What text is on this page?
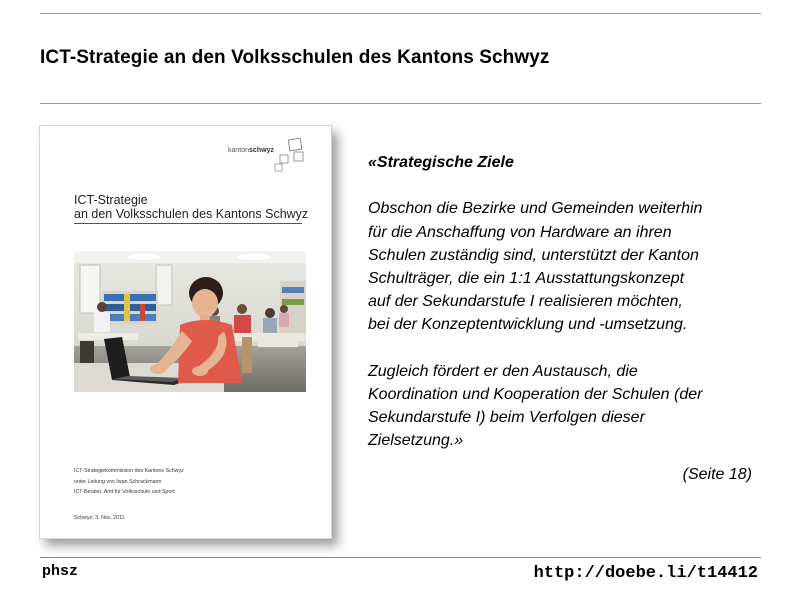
ICT-Strategie an den Volksschulen des Kantons Schwyz
kantonschwyz
ICT-Strategie
an den Volksschulen des Kantons Schwyz
ICT-Strategiekommission des Kantons Schwyz
unter Leitung von Iwan Schrackmann
ICT-Berater, Amt für Volksschule und Sport
Schwyz, 3. Nov. 2011

«Strategische Ziele

Obschon die Bezirke und Gemeinden weiterhin
für die Anschaffung von Hardware an ihren
Schulen zuständig sind, unterstützt der Kanton
Schulträger, die ein 1:1 Ausstattungskonzept
auf der Sekundarstufe I realisieren möchten,
bei der Konzeptentwicklung und -umsetzung.

Zugleich fördert er den Austausch, die
Koordination und Kooperation der Schulen (der
Sekundarstufe I) beim Verfolgen dieser
Zielsetzung.»

(Seite 18)
phsz	http://doebe.li/t14412
